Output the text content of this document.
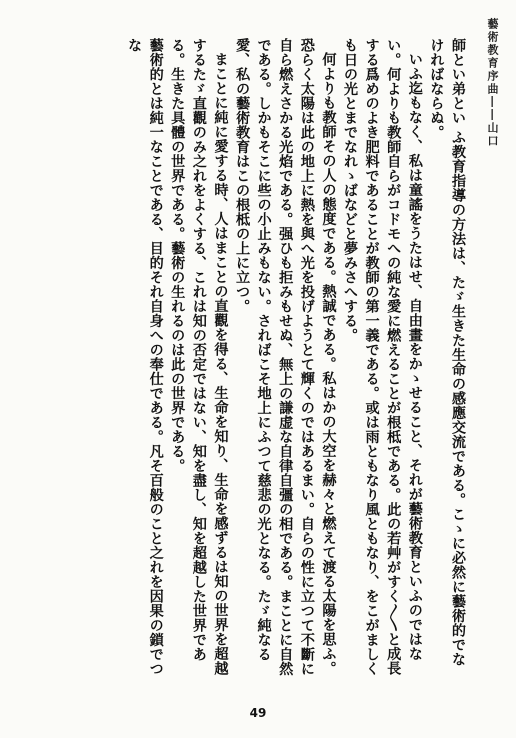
藝術教育序曲――山口

師とい弟とい ふ教育指導の方法は、たゞ生きた生命の感應交流である。こゝに必然に藝術的でなければならぬ。

いふ迄もなく、私は童謠をうたはせ、自由畫をかゝせること、それが藝術教育といふのではない。何よりも教師自らがコドモへの純な愛に燃えることが根柢である。此の若艸がすく〳〵と成長する爲めのよき肥料であることが教師の第一義である。或は雨ともなり風ともなり、をこがましくも日の光とまでなれゝばなどと夢みさへする。

何よりも教師その人の態度である。熱誠である。私はかの大空を赫々と燃えて渡る太陽を思ふ。恐らく太陽は此の地上に熱を與へ光を投げようとて輝くのではあるまい。自らの性に立つて不斷に自ら燃えさかる光焰である。强ひも拒みもせぬ、無上の謙虚な自律自彊の相である。まことに自然である。しかもそこに些の小止みもない。さればこそ地上にふつて慈悲の光となる。たゞ純なる愛、私の藝術教育はこの根柢の上に立つ。

まことに純に愛する時、人はまことの直觀を得る、生命を知り、生命を感ずるは知の世界を超越するたゞ直觀のみ之れをよくする、これは知の否定ではない、知を盡し、知を超越した世界である。生きた具體の世界である。藝術の生れるのは此の世界である。

藝術的とは純一なことである、目的それ自身への奉仕である。凡そ百般のこと之れを因果の鎖でつな

49
